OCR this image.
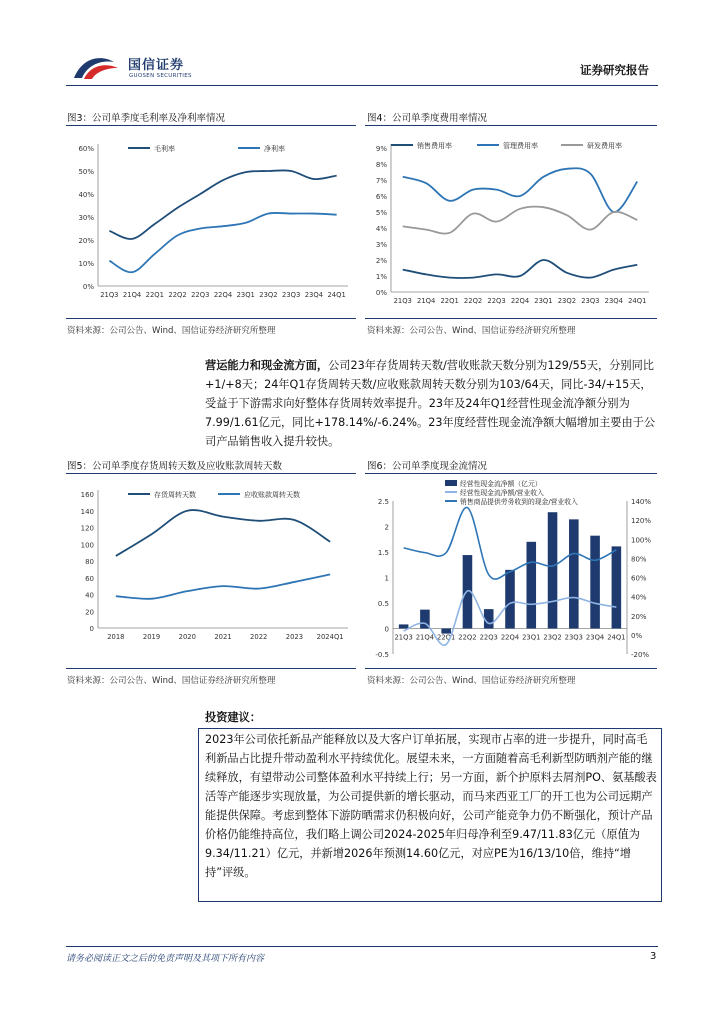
国信证券
GUOSEN SECURITIES	证券研究报告
图3：公司单季度毛利率及净利率情况
0%
10%
20%
30%
40%
50%
60%
21Q3 21Q4 22Q1 22Q2 22Q3 22Q4 23Q1 23Q2 23Q3 23Q4 24Q1
毛利率	净利率
资料来源：公司公告、Wind、国信证券经济研究所整理
图4：公司单季度费用率情况
0%
1%
2%
3%
4%
5%
6%
7%
8%
9%
21Q3 21Q4 22Q1 22Q2 22Q3 22Q4 23Q1 23Q2 23Q3 23Q4 24Q1
销售费用率	管理费用率	研发费用率
资料来源：公司公告、Wind、国信证券经济研究所整理
营运能力和现金流方面，公司23年存货周转天数/营收账款天数分别为129/55天，分别同比+1/+8天；24年Q1存货周转天数/应收账款周转天数分别为103/64天，同比-34/+15天，受益于下游需求向好整体存货周转效率提升。23年及24年Q1经营性现金流净额分别为7.99/1.61亿元，同比+178.14%/-6.24%。23年度经营性现金流净额大幅增加主要由于公司产品销售收入提升较快。
图5：公司单季度存货周转天数及应收账款周转天数
0
20
40
60
80
100
120
140
160
2018	2019	2020	2021	2022	2023 2024Q1
存货周转天数	应收账款周转天数
资料来源：公司公告、Wind、国信证券经济研究所整理
图6：公司单季度现金流情况
-0.5
0
0.5
1
1.5
2
2.5
-20%
0%
20%
40%
60%
80%
100%
120%
140%
21Q3 21Q4 22Q1 22Q2 22Q3 22Q4 23Q1 23Q2 23Q3 23Q4 24Q1
经营性现金流净额（亿元）
经营性现金流净额/营业收入
销售商品提供劳务收到的现金/营业收入
资料来源：公司公告、Wind、国信证券经济研究所整理
投资建议：
2023年公司依托新品产能释放以及大客户订单拓展，实现市占率的进一步提升，同时高毛利新品占比提升带动盈利水平持续优化。展望未来，一方面随着高毛利新型防晒剂产能的继续释放，有望带动公司整体盈利水平持续上行；另一方面，新个护原料去屑剂PO、氨基酸表活等产能逐步实现放量，为公司提供新的增长驱动，而马来西亚工厂的开工也为公司远期产能提供保障。考虑到整体下游防晒需求仍积极向好，公司产能竞争力仍不断强化，预计产品价格仍能维持高位，我们略上调公司2024-2025年归母净利至9.47/11.83亿元（原值为9.34/11.21）亿元，并新增2026年预测14.60亿元，对应PE为16/13/10倍，维持“增持”评级。
请务必阅读正文之后的免责声明及其项下所有内容	3
